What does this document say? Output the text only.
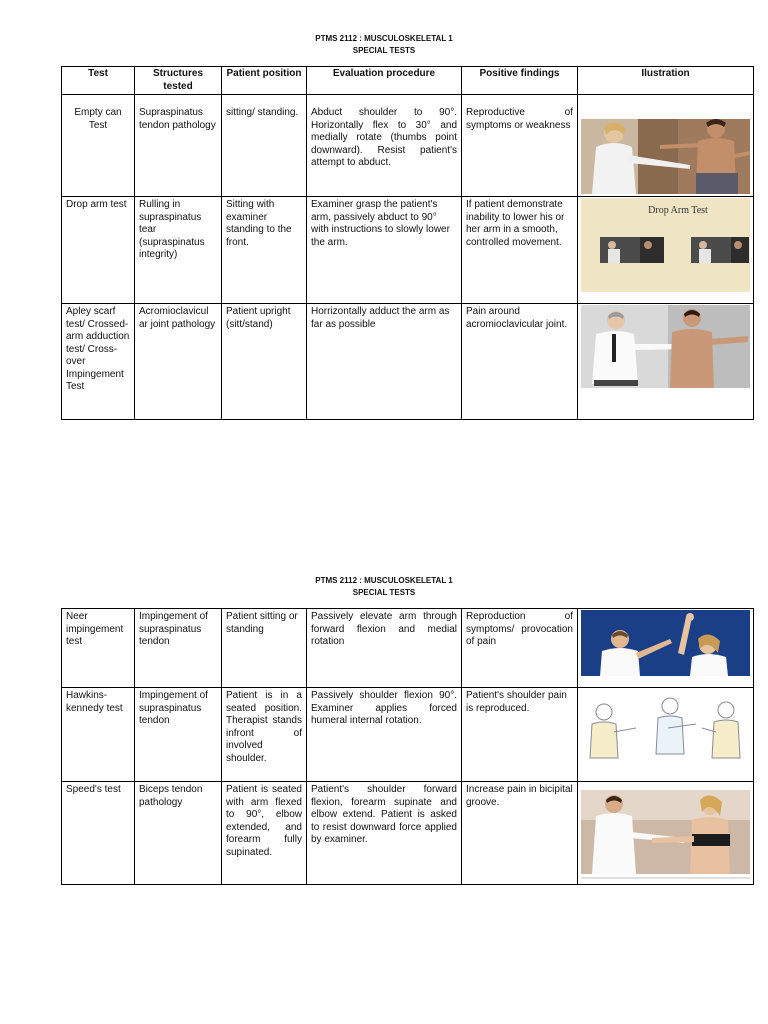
PTMS 2112 : MUSCULOSKELETAL 1
SPECIAL TESTS
Test	Structures tested	Patient position	Evaluation procedure	Positive findings	Ilustration
Empty can Test	Supraspinatus tendon pathology	sitting/ standing.	Abduct shoulder to 90°. Horizontally flex to 30° and medially rotate (thumbs point downward). Resist patient's attempt to abduct.	Reproductive of symptoms or weakness	

Drop arm test	Rulling in supraspinatus tear (supraspinatus integrity)	Sitting with examiner standing to the front.	Examiner grasp the patient's arm, passively abduct to 90° with instructions to slowly lower the arm.	If patient demonstrate inability to lower his or her arm in a smooth, controlled movement.	Drop Arm Test

Apley scarf test/ Crossed-arm adduction test/ Cross-over Impingement Test	Acromioclavicul ar joint pathology	Patient upright (sitt/stand)	Horrizontally adduct the arm as far as possible	Pain around acromioclavicular joint.	
PTMS 2112 : MUSCULOSKELETAL 1
SPECIAL TESTS
Neer impingement test	Impingement of supraspinatus tendon	Patient sitting or standing	Passively elevate arm through forward flexion and medial rotation	Reproduction of symptoms/ provocation of pain	

Hawkins-kennedy test	Impingement of supraspinatus tendon	Patient is in a seated position. Therapist stands infront of involved shoulder.	Passively shoulder flexion 90°. Examiner applies forced humeral internal rotation.	Patient's shoulder pain is reproduced.	

Speed's test	Biceps tendon pathology	Patient is seated with arm flexed to 90°, elbow extended, and forearm fully supinated.	Patient's shoulder forward flexion, forearm supinate and elbow extend. Patient is asked to resist downward force applied by examiner.	Increase pain in bicipital groove.	
